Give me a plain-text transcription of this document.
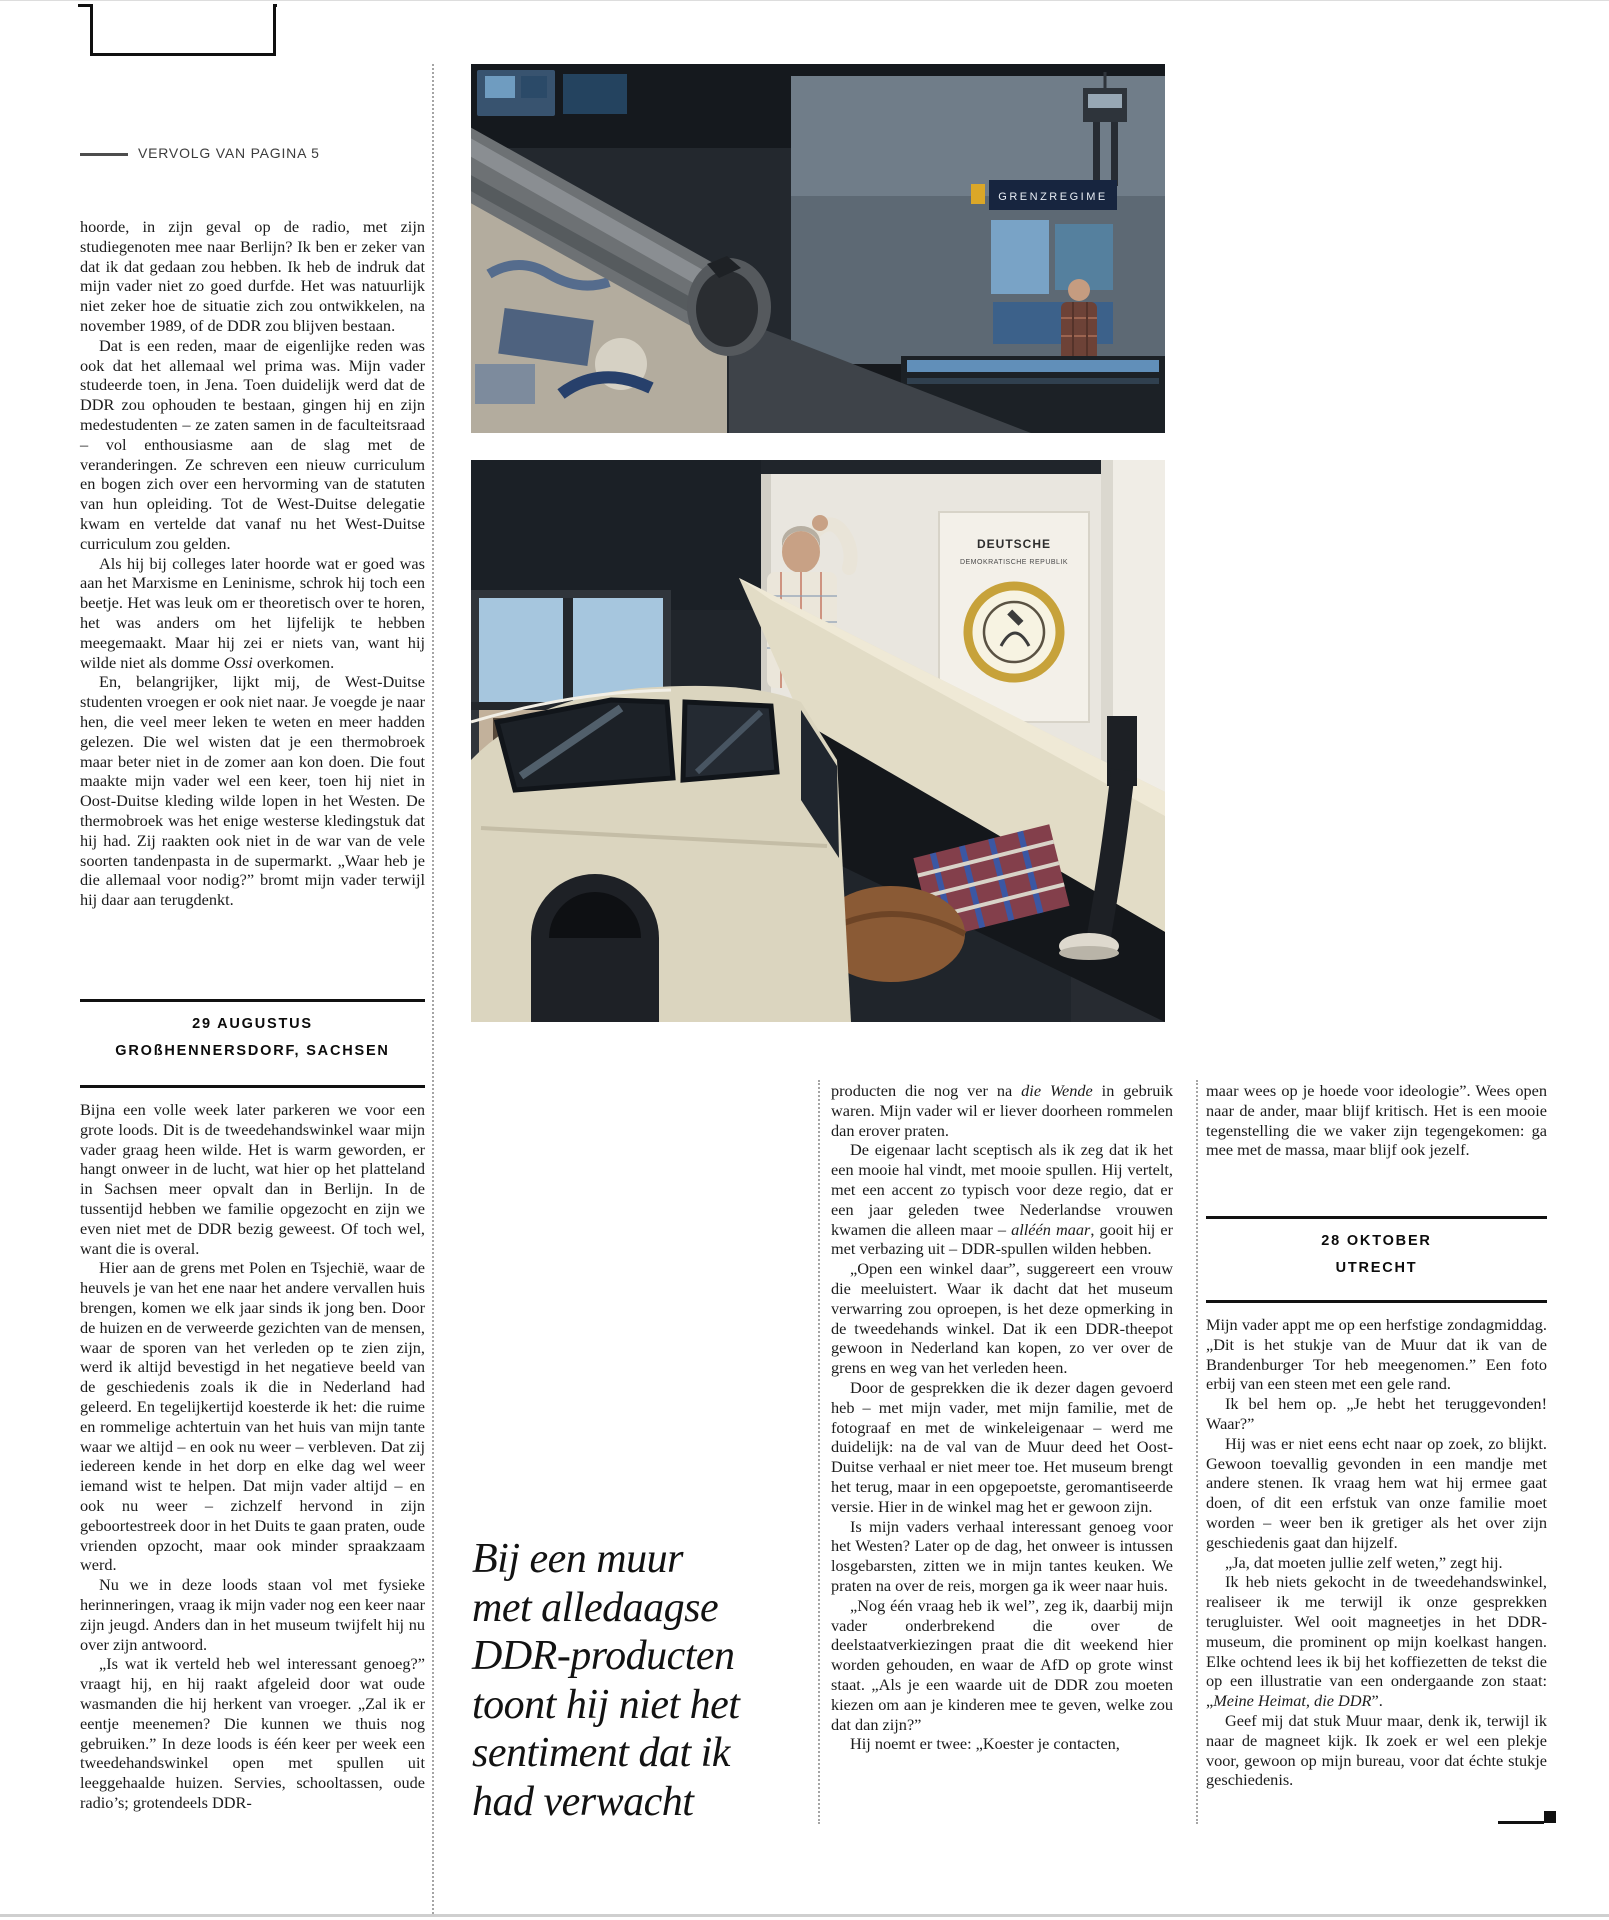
VERVOLG VAN PAGINA 5
GRENZREGIME
DEUTSCHE
DEMOKRATISCHE REPUBLIK

hoorde, in zijn geval op de radio, met zijn studiegenoten mee naar Berlijn? Ik ben er zeker van dat ik dat gedaan zou hebben. Ik heb de indruk dat mijn vader niet zo goed durfde. Het was natuurlijk niet zeker hoe de situatie zich zou ontwikkelen, na november 1989, of de DDR zou blijven bestaan.

Dat is een reden, maar de eigenlijke reden was ook dat het allemaal wel prima was. Mijn vader studeerde toen, in Jena. Toen duidelijk werd dat de DDR zou ophouden te bestaan, gingen hij en zijn medestudenten – ze zaten samen in de faculteitsraad – vol enthousiasme aan de slag met de veranderingen. Ze schreven een nieuw curriculum en bogen zich over een hervorming van de statuten van hun opleiding. Tot de West-Duitse delegatie kwam en vertelde dat vanaf nu het West-Duitse curriculum zou gelden.

Als hij bij colleges later hoorde wat er goed was aan het Marxisme en Leninisme, schrok hij toch een beetje. Het was leuk om er theoretisch over te horen, het was anders om het lijfelijk te hebben meegemaakt. Maar hij zei er niets van, want hij wilde niet als domme Ossi overkomen.

En, belangrijker, lijkt mij, de West-Duitse studenten vroegen er ook niet naar. Je voegde je naar hen, die veel meer leken te weten en meer hadden gelezen. Die wel wisten dat je een thermobroek maar beter niet in de zomer aan kon doen. Die fout maakte mijn vader wel een keer, toen hij niet in Oost-Duitse kleding wilde lopen in het Westen. De thermobroek was het enige westerse kledingstuk dat hij had. Zij raakten ook niet in de war van de vele soorten tandenpasta in de supermarkt. „Waar heb je die allemaal voor nodig?” bromt mijn vader terwijl hij daar aan terugdenkt.

29 AUGUSTUS
GROßHENNERSDORF, SACHSEN

Bijna een volle week later parkeren we voor een grote loods. Dit is de tweedehandswinkel waar mijn vader graag heen wilde. Het is warm geworden, er hangt onweer in de lucht, wat hier op het platteland in Sachsen meer opvalt dan in Berlijn. In de tussentijd hebben we familie opgezocht en zijn we even niet met de DDR bezig geweest. Of toch wel, want die is overal.

Hier aan de grens met Polen en Tsjechië, waar de heuvels je van het ene naar het andere vervallen huis brengen, komen we elk jaar sinds ik jong ben. Door de huizen en de verweerde gezichten van de mensen, waar de sporen van het verleden op te zien zijn, werd ik altijd bevestigd in het negatieve beeld van de geschiedenis zoals ik die in Nederland had geleerd. En tegelijkertijd koesterde ik het: die ruime en rommelige achtertuin van het huis van mijn tante waar we altijd – en ook nu weer – verbleven. Dat zij iedereen kende in het dorp en elke dag wel weer iemand wist te helpen. Dat mijn vader altijd – en ook nu weer – zichzelf hervond in zijn geboortestreek door in het Duits te gaan praten, oude vrienden opzocht, maar ook minder spraakzaam werd.

Nu we in deze loods staan vol met fysieke herinneringen, vraag ik mijn vader nog een keer naar zijn jeugd. Anders dan in het museum twijfelt hij nu over zijn antwoord.

„Is wat ik verteld heb wel interessant genoeg?” vraagt hij, en hij raakt afgeleid door wat oude wasmanden die hij herkent van vroeger. „Zal ik er eentje meenemen? Die kunnen we thuis nog gebruiken.” In deze loods is één keer per week een tweedehandswinkel open met spullen uit leeggehaalde huizen. Servies, schooltassen, oude radio’s; grotendeels DDR-

Bij een muur
met alledaagse
DDR-producten
toont hij niet het
sentiment dat ik
had verwacht

producten die nog ver na die Wende in gebruik waren. Mijn vader wil er liever doorheen rommelen dan erover praten.

De eigenaar lacht sceptisch als ik zeg dat ik het een mooie hal vindt, met mooie spullen. Hij vertelt, met een accent zo typisch voor deze regio, dat er een jaar geleden twee Nederlandse vrouwen kwamen die alleen maar – alléén maar, gooit hij er met verbazing uit – DDR-spullen wilden hebben.

„Open een winkel daar”, suggereert een vrouw die meeluistert. Waar ik dacht dat het museum verwarring zou oproepen, is het deze opmerking in de tweedehands winkel. Dat ik een DDR-theepot gewoon in Nederland kan kopen, zo ver over de grens en weg van het verleden heen.

Door de gesprekken die ik dezer dagen gevoerd heb – met mijn vader, met mijn familie, met de fotograaf en met de winkeleigenaar – werd me duidelijk: na de val van de Muur deed het Oost-Duitse verhaal er niet meer toe. Het museum brengt het terug, maar in een opgepoetste, geromantiseerde versie. Hier in de winkel mag het er gewoon zijn.

Is mijn vaders verhaal interessant genoeg voor het Westen? Later op de dag, het onweer is intussen losgebarsten, zitten we in mijn tantes keuken. We praten na over de reis, morgen ga ik weer naar huis.

„Nog één vraag heb ik wel”, zeg ik, daarbij mijn vader onderbrekend die over de deelstaatverkiezingen praat die dit weekend hier worden gehouden, en waar de AfD op grote winst staat. „Als je een waarde uit de DDR zou moeten kiezen om aan je kinderen mee te geven, welke zou dat dan zijn?”

Hij noemt er twee: „Koester je contacten,

maar wees op je hoede voor ideologie”. Wees open naar de ander, maar blijf kritisch. Het is een mooie tegenstelling die we vaker zijn tegengekomen: ga mee met de massa, maar blijf ook jezelf.

28 OKTOBER
UTRECHT

Mijn vader appt me op een herfstige zondagmiddag. „Dit is het stukje van de Muur dat ik van de Brandenburger Tor heb meegenomen.” Een foto erbij van een steen met een gele rand.

Ik bel hem op. „Je hebt het teruggevonden! Waar?”

Hij was er niet eens echt naar op zoek, zo blijkt. Gewoon toevallig gevonden in een mandje met andere stenen. Ik vraag hem wat hij ermee gaat doen, of dit een erfstuk van onze familie moet worden – weer ben ik gretiger als het over zijn geschiedenis gaat dan hijzelf.

„Ja, dat moeten jullie zelf weten,” zegt hij.

Ik heb niets gekocht in de tweedehandswinkel, realiseer ik me terwijl ik onze gesprekken terugluister. Wel ooit magneetjes in het DDR-museum, die prominent op mijn koelkast hangen. Elke ochtend lees ik bij het koffiezetten de tekst die op een illustratie van een ondergaande zon staat: „Meine Heimat, die DDR”.

Geef mij dat stuk Muur maar, denk ik, terwijl ik naar de magneet kijk. Ik zoek er wel een plekje voor, gewoon op mijn bureau, voor dat échte stukje geschiedenis.
